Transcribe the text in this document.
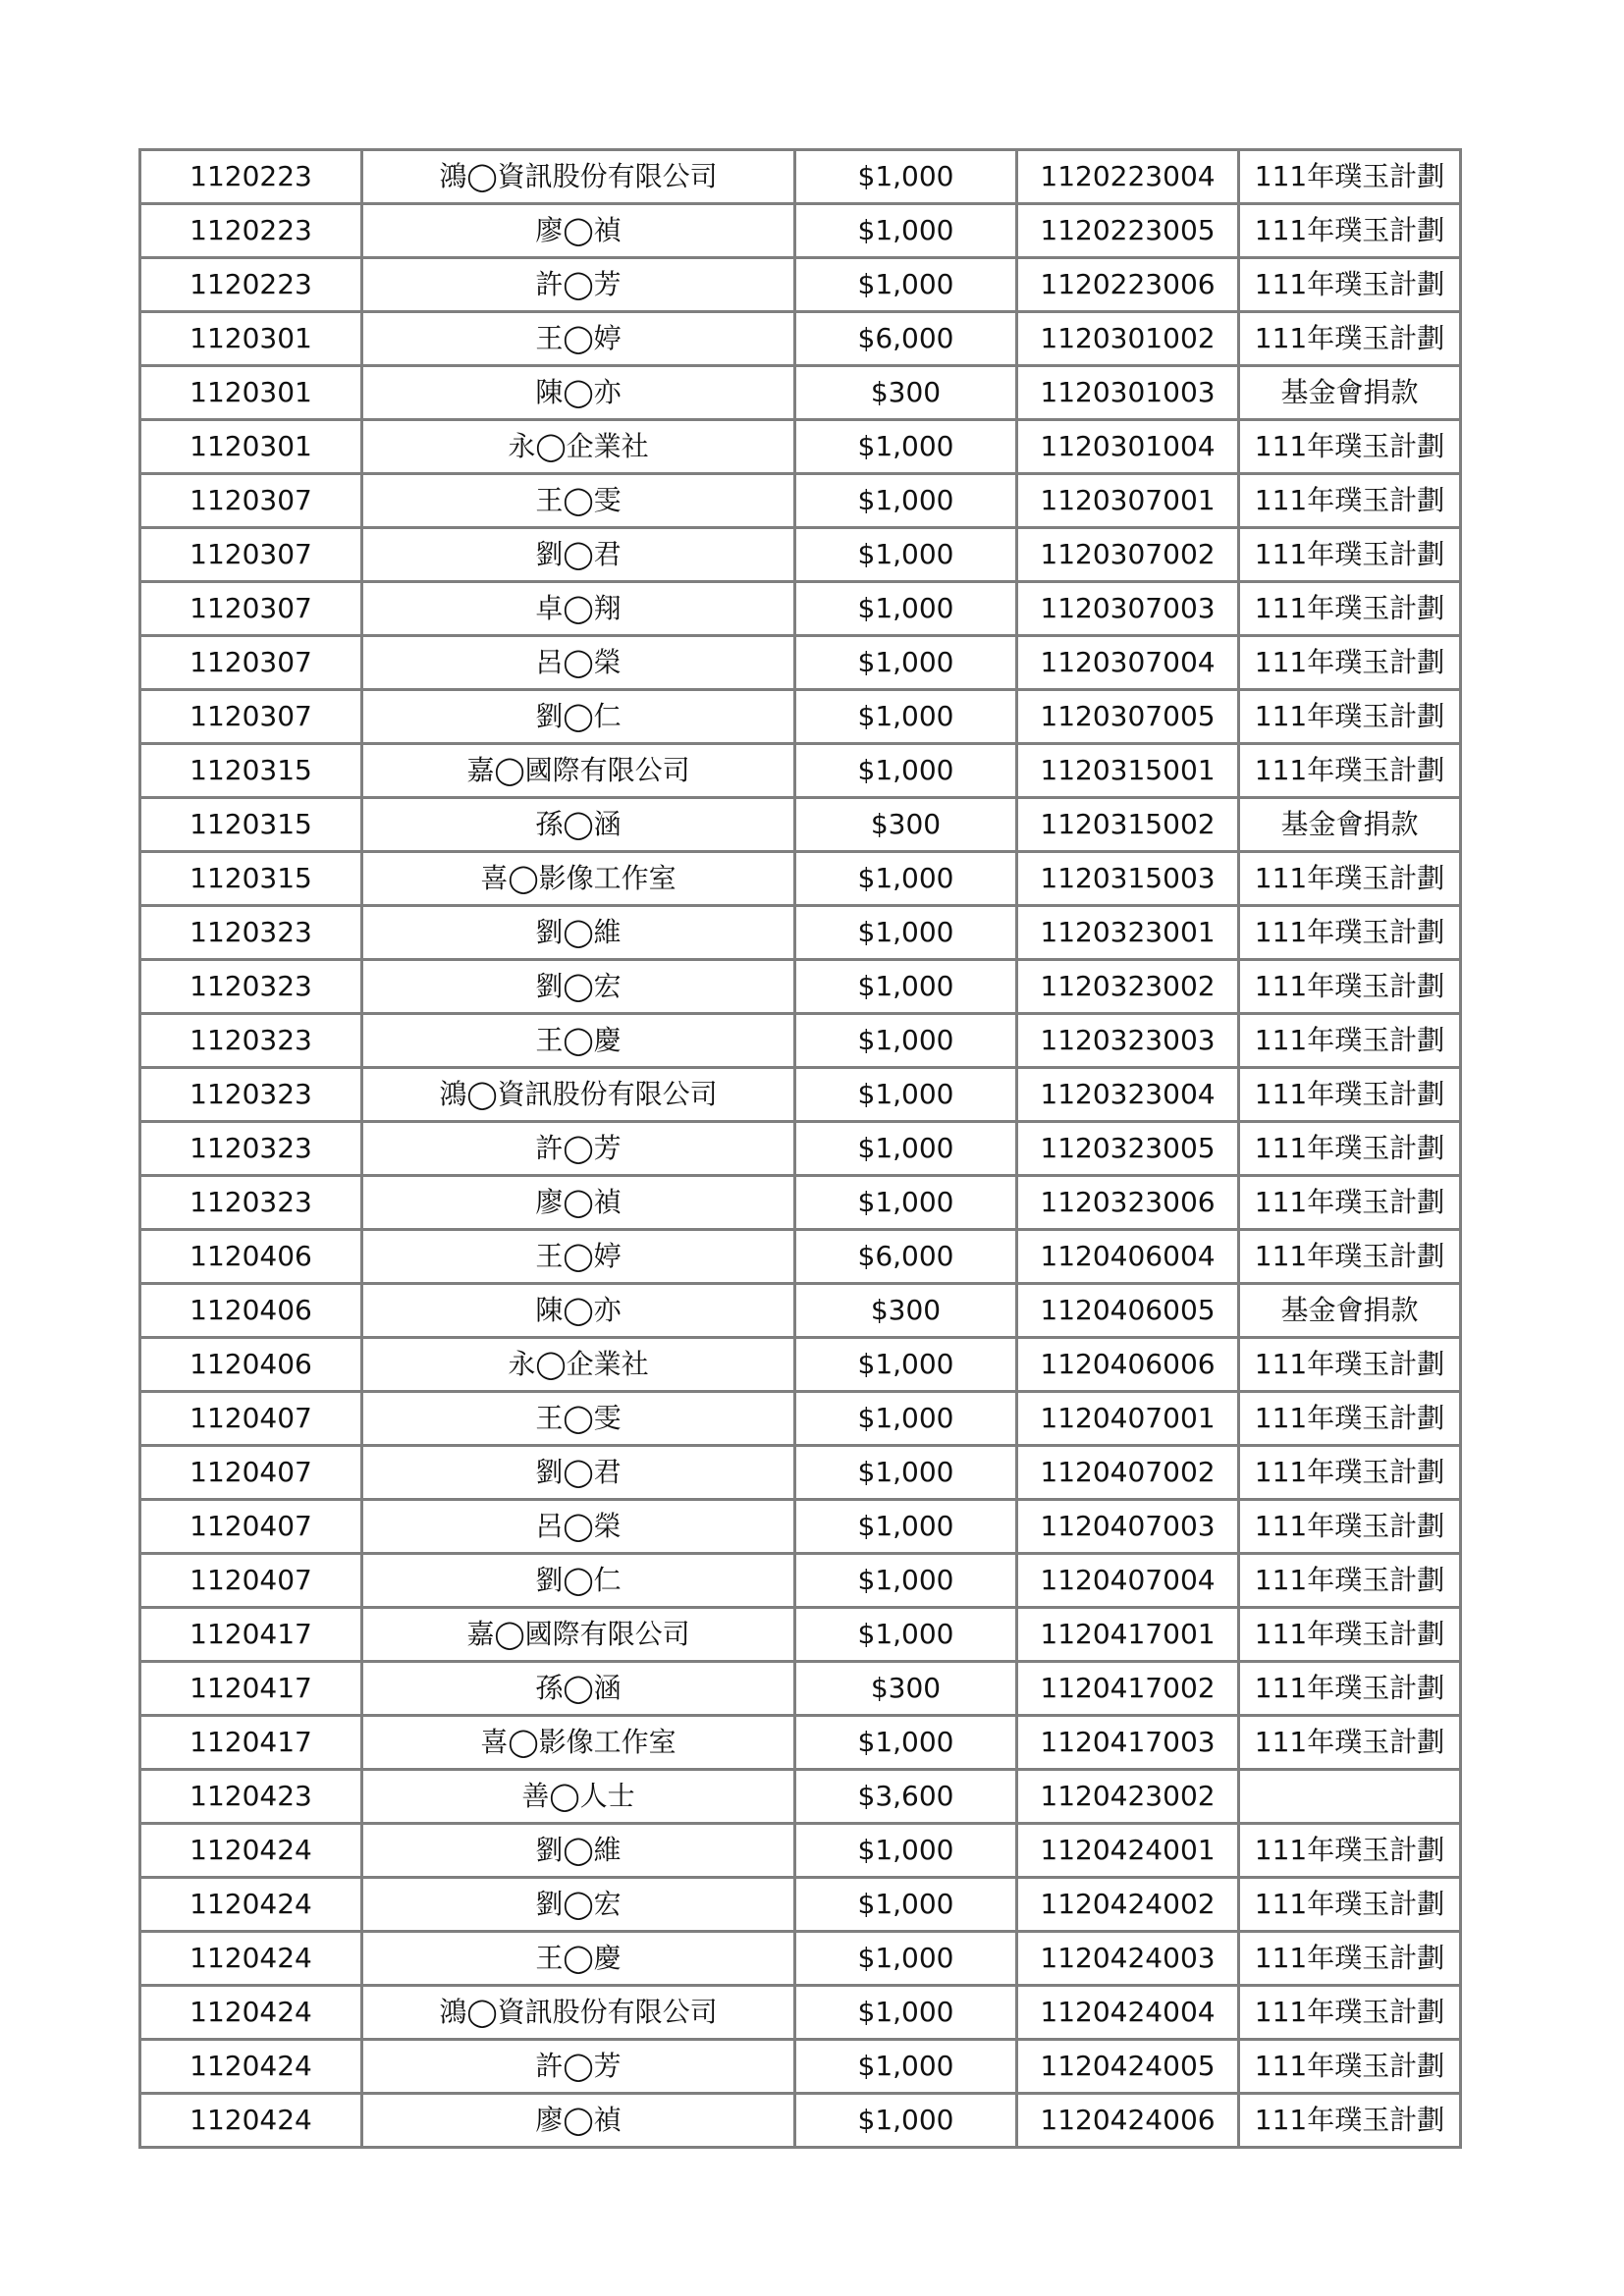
1120223	鴻◯資訊股份有限公司	$1,000	1120223004	111年璞玉計劃
1120223	廖◯禎	$1,000	1120223005	111年璞玉計劃
1120223	許◯芳	$1,000	1120223006	111年璞玉計劃
1120301	王◯婷	$6,000	1120301002	111年璞玉計劃
1120301	陳◯亦	$300	1120301003	基金會捐款
1120301	永◯企業社	$1,000	1120301004	111年璞玉計劃
1120307	王◯雯	$1,000	1120307001	111年璞玉計劃
1120307	劉◯君	$1,000	1120307002	111年璞玉計劃
1120307	卓◯翔	$1,000	1120307003	111年璞玉計劃
1120307	呂◯榮	$1,000	1120307004	111年璞玉計劃
1120307	劉◯仁	$1,000	1120307005	111年璞玉計劃
1120315	嘉◯國際有限公司	$1,000	1120315001	111年璞玉計劃
1120315	孫◯涵	$300	1120315002	基金會捐款
1120315	喜◯影像工作室	$1,000	1120315003	111年璞玉計劃
1120323	劉◯維	$1,000	1120323001	111年璞玉計劃
1120323	劉◯宏	$1,000	1120323002	111年璞玉計劃
1120323	王◯慶	$1,000	1120323003	111年璞玉計劃
1120323	鴻◯資訊股份有限公司	$1,000	1120323004	111年璞玉計劃
1120323	許◯芳	$1,000	1120323005	111年璞玉計劃
1120323	廖◯禎	$1,000	1120323006	111年璞玉計劃
1120406	王◯婷	$6,000	1120406004	111年璞玉計劃
1120406	陳◯亦	$300	1120406005	基金會捐款
1120406	永◯企業社	$1,000	1120406006	111年璞玉計劃
1120407	王◯雯	$1,000	1120407001	111年璞玉計劃
1120407	劉◯君	$1,000	1120407002	111年璞玉計劃
1120407	呂◯榮	$1,000	1120407003	111年璞玉計劃
1120407	劉◯仁	$1,000	1120407004	111年璞玉計劃
1120417	嘉◯國際有限公司	$1,000	1120417001	111年璞玉計劃
1120417	孫◯涵	$300	1120417002	111年璞玉計劃
1120417	喜◯影像工作室	$1,000	1120417003	111年璞玉計劃
1120423	善◯人士	$3,600	1120423002	
1120424	劉◯維	$1,000	1120424001	111年璞玉計劃
1120424	劉◯宏	$1,000	1120424002	111年璞玉計劃
1120424	王◯慶	$1,000	1120424003	111年璞玉計劃
1120424	鴻◯資訊股份有限公司	$1,000	1120424004	111年璞玉計劃
1120424	許◯芳	$1,000	1120424005	111年璞玉計劃
1120424	廖◯禎	$1,000	1120424006	111年璞玉計劃
